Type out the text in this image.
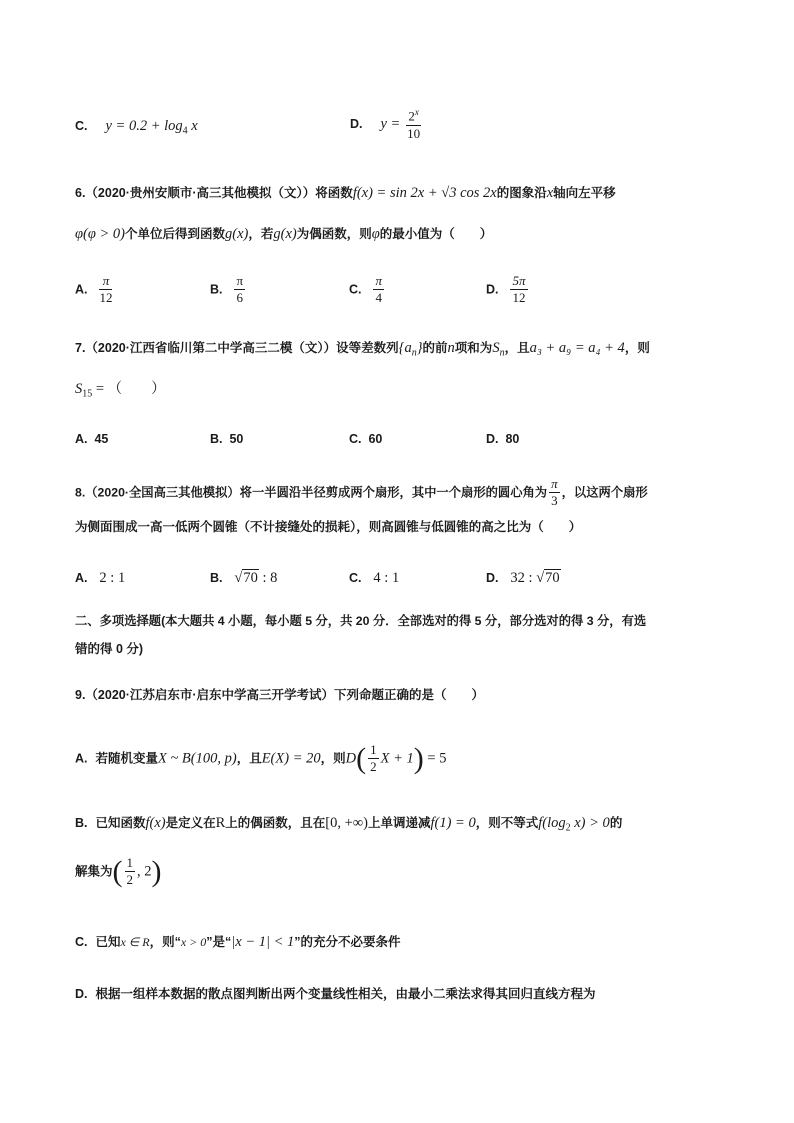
C. $y = 0.2 + \log_4 x$	D. $y = \frac{2^x}{10}$
6.（2020·贵州安顺市·高三其他模拟（文））将函数f(x) = sin 2x + √3 cos 2x的图象沿x轴向左平移
φ(φ > 0)个单位后得到函数g(x)，若g(x)为偶函数，则φ的最小值为（　　）
A. $\frac{\pi}{12}$	B. $\frac{\pi}{6}$	C. $\frac{\pi}{4}$	D. $\frac{5\pi}{12}$
7.（2020·江西省临川第二中学高三二模（文））设等差数列$\{a_n\}$的前n项和为$S_n$，且a₃ + a₉ = a₄ + 4，则
$S_{15}$ = （　　）
A. 45	B. 50	C. 60	D. 80
8.（2020·全国高三其他模拟）将一半圆沿半径剪成两个扇形，其中一个扇形的圆心角为 $\frac{\pi}{3}$ ，以这两个扇形
为侧面围成一高一低两个圆锥（不计接缝处的损耗），则高圆锥与低圆锥的高之比为（　　）
A. 2 : 1	B. √70 : 8	C. 4 : 1	D. 32 : √70
二、多项选择题(本大题共 4 小题，每小题 5 分，共 20 分．全部选对的得 5 分，部分选对的得 3 分，有选
错的得 0 分)
9.（2020·江苏启东市·启东中学高三开学考试）下列命题正确的是（　　）
A. 若随机变量X ~ B(100, p)，且E(X) = 20，则$D( \frac{1}{2}$ X + 1) = 5
B. 已知函数f(x)是定义在R上的偶函数，且在[0, +∞)上单调递减f(1) = 0，则不等式$f(\log_2$ x) > 0的
解集为( $\frac{1}{2}$ , 2)
C. 已知x ∈ R，则“x > 0”是“|x − 1| < 1”的充分不必要条件
D. 根据一组样本数据的散点图判断出两个变量线性相关，由最小二乘法求得其回归直线方程为
